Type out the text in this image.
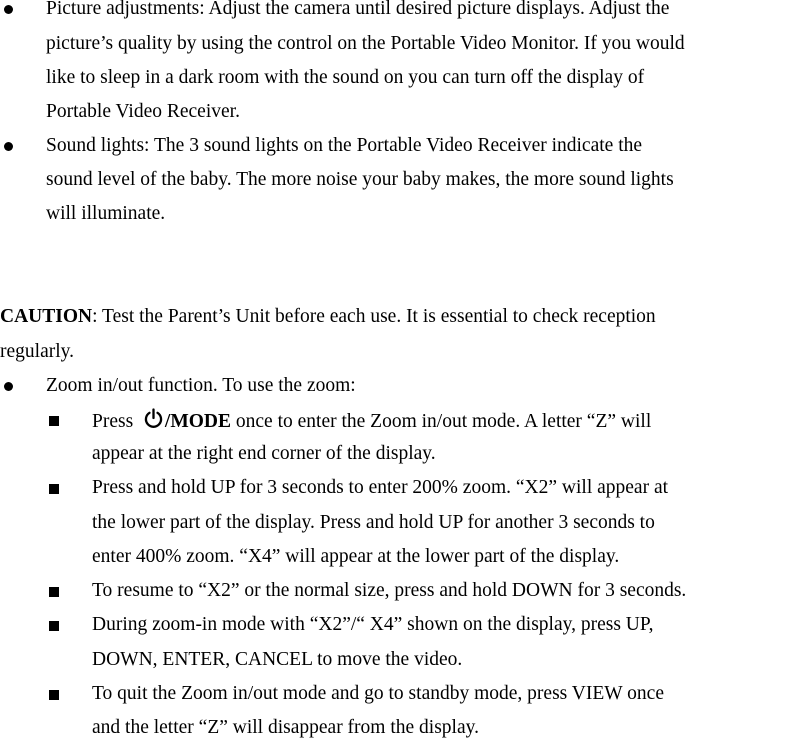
Picture adjustments: Adjust the camera until desired picture displays. Adjust the
picture’s quality by using the control on the Portable Video Monitor. If you would
like to sleep in a dark room with the sound on you can turn off the display of
Portable Video Receiver.
Sound lights: The 3 sound lights on the Portable Video Receiver indicate the
sound level of the baby. The more noise your baby makes, the more sound lights
will illuminate.
CAUTION: Test the Parent’s Unit before each use. It is essential to check reception
regularly.
Zoom in/out function. To use the zoom:
Press /MODE once to enter the Zoom in/out mode. A letter “Z” will
appear at the right end corner of the display.
Press and hold UP for 3 seconds to enter 200% zoom. “X2” will appear at
the lower part of the display. Press and hold UP for another 3 seconds to
enter 400% zoom. “X4” will appear at the lower part of the display.
To resume to “X2” or the normal size, press and hold DOWN for 3 seconds.
During zoom-in mode with “X2”/“ X4” shown on the display, press UP,
DOWN, ENTER, CANCEL to move the video.
To quit the Zoom in/out mode and go to standby mode, press VIEW once
and the letter “Z” will disappear from the display.
